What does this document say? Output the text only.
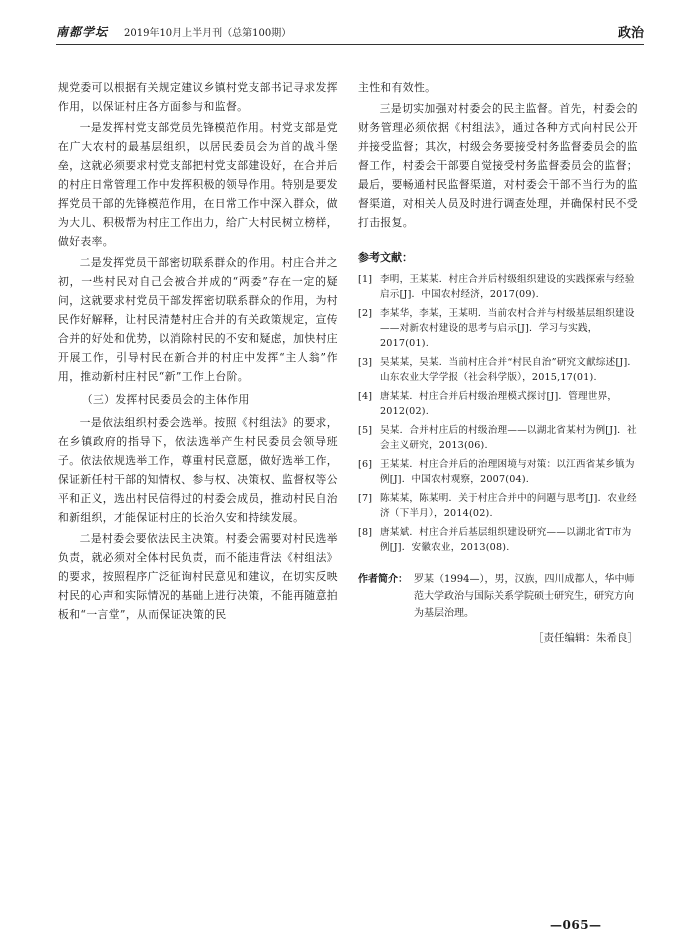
南都学坛 2019年10月上半月刊（总第100期）	政治

规党委可以根据有关规定建议乡镇村党支部书记寻求发挥作用，以保证村庄各方面参与和监督。

一是发挥村党支部党员先锋模范作用。村党支部是党在广大农村的最基层组织，以居民委员会为首的战斗堡垒，这就必须要求村党支部把村党支部建设好，在合并后的村庄日常管理工作中发挥积极的领导作用。特别是要发挥党员干部的先锋模范作用，在日常工作中深入群众，做为大儿、积极帮为村庄工作出力，给广大村民树立榜样，做好表率。

二是发挥党员干部密切联系群众的作用。村庄合并之初，一些村民对自己会被合并成的“两委”存在一定的疑问，这就要求村党员干部发挥密切联系群众的作用，为村民作好解释，让村民清楚村庄合并的有关政策规定，宣传合并的好处和优势，以消除村民的不安和疑虑，加快村庄开展工作，引导村民在新合并的村庄中发挥“主人翁”作用，推动新村庄村民“新”工作上台阶。

（三）发挥村民委员会的主体作用

一是依法组织村委会选举。按照《村组法》的要求，在乡镇政府的指导下，依法选举产生村民委员会领导班子。依法依规选举工作，尊重村民意愿，做好选举工作，保证新任村干部的知情权、参与权、决策权、监督权等公平和正义，选出村民信得过的村委会成员，推动村民自治和新组织，才能保证村庄的长治久安和持续发展。

二是村委会要依法民主决策。村委会需要对村民选举负责，就必须对全体村民负责，而不能违背法《村组法》的要求，按照程序广泛征询村民意见和建议，在切实反映村民的心声和实际情况的基础上进行决策，不能再随意拍板和“一言堂”，从而保证决策的民

主性和有效性。

三是切实加强对村委会的民主监督。首先，村委会的财务管理必须依据《村组法》，通过各种方式向村民公开并接受监督；其次，村级会务要接受村务监督委员会的监督工作，村委会干部要自觉接受村务监督委员会的监督；最后，要畅通村民监督渠道，对村委会干部不当行为的监督渠道，对相关人员及时进行调查处理，并确保村民不受打击报复。

参考文献：
[1] 李明，王某某．村庄合并后村级组织建设的实践探索与经验启示[J]．中国农村经济，2017(09).
[2] 李某华，李某，王某明．当前农村合并与村级基层组织建设——对新农村建设的思考与启示[J]．学习与实践，2017(01).
[3] 吴某某，吴某．当前村庄合并“村民自治”研究文献综述[J]．山东农业大学学报（社会科学版），2015,17(01).
[4] 唐某某．村庄合并后村级治理模式探讨[J]．管理世界，2012(02).
[5] 吴某．合并村庄后的村级治理——以湖北省某村为例[J]．社会主义研究，2013(06).
[6] 王某某．村庄合并后的治理困境与对策：以江西省某乡镇为例[J]．中国农村观察，2007(04).
[7] 陈某某，陈某明．关于村庄合并中的问题与思考[J]．农业经济（下半月），2014(02).
[8] 唐某斌．村庄合并后基层组织建设研究——以湖北省T市为例[J]．安徽农业，2013(08).
作者简介： 罗某（1994—），男，汉族，四川成都人，华中师范大学政治与国际关系学院硕士研究生，研究方向为基层治理。
［责任编辑：朱希良］
—065—
